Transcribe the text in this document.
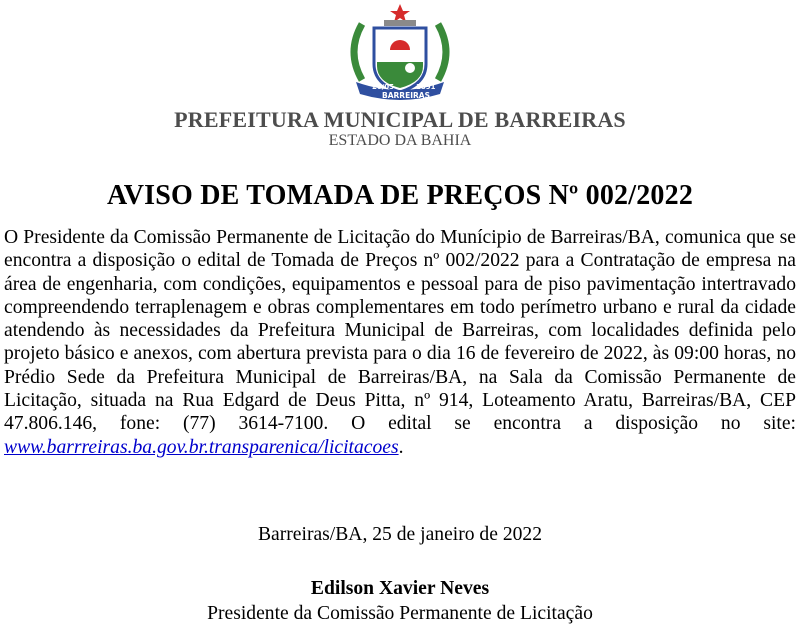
26/05	1891
BARREIRAS
PREFEITURA MUNICIPAL DE BARREIRAS
ESTADO DA BAHIA
AVISO DE TOMADA DE PREÇOS Nº 002/2022

O Presidente da Comissão Permanente de Licitação do Munícipio de Barreiras/BA, comunica que se encontra a disposição o edital de Tomada de Preços nº 002/2022 para a Contratação de empresa na área de engenharia, com condições, equipamentos e pessoal para de piso pavimentação intertravado compreendendo terraplenagem e obras complementares em todo perímetro urbano e rural da cidade atendendo às necessidades da Prefeitura Municipal de Barreiras, com localidades definida pelo projeto básico e anexos, com abertura prevista para o dia 16 de fevereiro de 2022, às 09:00 horas, no Prédio Sede da Prefeitura Municipal de Barreiras/BA, na Sala da Comissão Permanente de Licitação, situada na Rua Edgard de Deus Pitta, nº 914, Loteamento Aratu, Barreiras/BA, CEP 47.806.146, fone: (77) 3614-7100. O edital se encontra a disposição no site: www.barrreiras.ba.gov.br.transparenica/licitacoes.

Barreiras/BA, 25 de janeiro de 2022
Edilson Xavier Neves
Presidente da Comissão Permanente de Licitação
